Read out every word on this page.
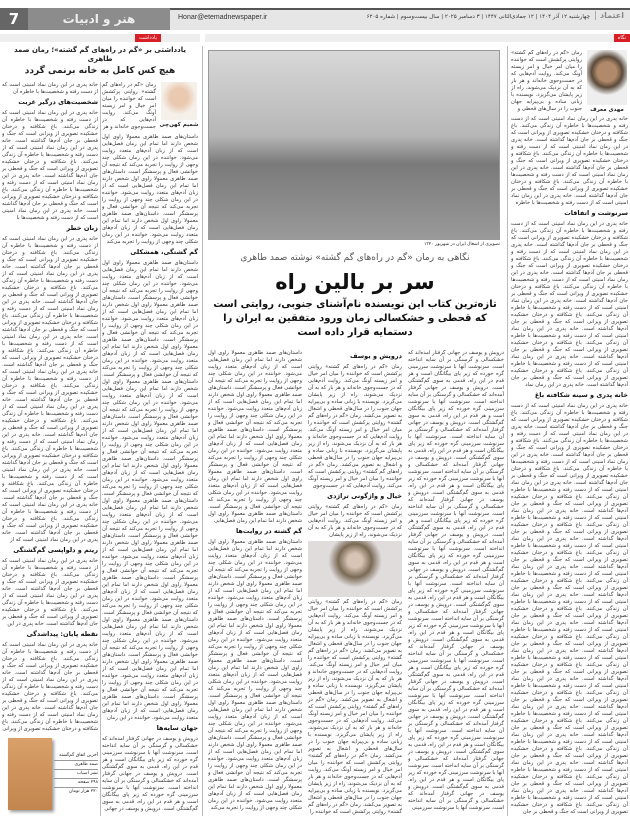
7	هنر و ادبیات	Honar@etemadnewspaper.ir	چهارشنبه ۱۲ آذر ۱۴۰۴ | ۱۲ جمادی‌الثانی ۱۴۴۷ | ۳ دسامبر ۲۰۲۵ | سال بیست‌وسوم | شماره ۶۲۰۵	اعتماد
یادداشت	نگاه
یادداشتی بر «گم در راه‌های گم گشته»؛ رمان صمد طاهری
هیچ کس کامل به خانه برنمی گردد
شمیم کهن‌چی
رمان «گم در راه‌های گم گشته» روایتی پرکشش است که خواننده را میان امر خیال و امر زیسته آونگ می‌کند. روایت آدم‌هایی که در جست‌وجوی خانه‌اند و هر
داستان‌های صمد طاهری معمولا راوی اول شخص دارند اما تمام این رمان فصل‌هایی است که از زبان آدم‌های متعدد روایت می‌شود. خواننده در این رمان شکلی چند وجهی از روایت را تجربه می‌کند که نتیجه آن خوانشی فعال و پرسشگر است. داستان‌های صمد طاهری معمولا راوی اول شخص دارند اما تمام این رمان فصل‌هایی است که از زبان آدم‌های متعدد روایت می‌شود. خواننده در این رمان شکلی چند وجهی از روایت را تجربه می‌کند که نتیجه آن خوانشی فعال و پرسشگر است. داستان‌های صمد طاهری معمولا راوی اول شخص دارند اما تمام این رمان فصل‌هایی است که از زبان آدم‌های متعدد روایت می‌شود. خواننده در این رمان شکلی چند وجهی از روایت را تجربه می‌کند
گم گشتگی، همشکلی
داستان‌های صمد طاهری معمولا راوی اول شخص دارند اما تمام این رمان فصل‌هایی است که از زبان آدم‌های متعدد روایت می‌شود. خواننده در این رمان شکلی چند وجهی از روایت را تجربه می‌کند که نتیجه آن خوانشی فعال و پرسشگر است. داستان‌های صمد طاهری معمولا راوی اول شخص دارند اما تمام این رمان فصل‌هایی است که از زبان آدم‌های متعدد روایت می‌شود. خواننده در این رمان شکلی چند وجهی از روایت را تجربه می‌کند که نتیجه آن خوانشی فعال و پرسشگر است. داستان‌های صمد طاهری معمولا راوی اول شخص دارند اما تمام این رمان فصل‌هایی است که از زبان آدم‌های متعدد روایت می‌شود. خواننده در این رمان شکلی چند وجهی از روایت را تجربه می‌کند که نتیجه آن خوانشی فعال و پرسشگر است. داستان‌های صمد طاهری معمولا راوی اول شخص دارند اما تمام این رمان فصل‌هایی است که از زبان آدم‌های متعدد روایت می‌شود. خواننده در این رمان شکلی چند وجهی از روایت را تجربه می‌کند که نتیجه آن خوانشی فعال و پرسشگر است. داستان‌های صمد طاهری معمولا راوی اول شخص دارند اما تمام این رمان فصل‌هایی است که از زبان آدم‌های متعدد روایت می‌شود. خواننده در این رمان شکلی چند وجهی از روایت را تجربه می‌کند که نتیجه آن خوانشی فعال و پرسشگر است. داستان‌های صمد طاهری معمولا راوی اول شخص دارند اما تمام این رمان فصل‌هایی است که از زبان آدم‌های متعدد روایت می‌شود. خواننده در این رمان شکلی چند وجهی از روایت را تجربه می‌کند که نتیجه آن خوانشی فعال و پرسشگر است. داستان‌های صمد طاهری معمولا راوی اول شخص دارند اما تمام این رمان فصل‌هایی است که از زبان آدم‌های متعدد روایت می‌شود. خواننده در این رمان شکلی چند وجهی از روایت را تجربه می‌کند که نتیجه آن خوانشی فعال و پرسشگر است. داستان‌های صمد طاهری معمولا راوی اول شخص دارند اما تمام این رمان فصل‌هایی است که از زبان آدم‌های متعدد روایت می‌شود. خواننده در این رمان شکلی چند وجهی از روایت را تجربه می‌کند که نتیجه آن خوانشی فعال و پرسشگر است. داستان‌های صمد طاهری معمولا راوی اول شخص دارند اما تمام این رمان فصل‌هایی است که از زبان آدم‌های متعدد روایت می‌شود. خواننده در این رمان شکلی چند وجهی از روایت را تجربه می‌کند که نتیجه آن خوانشی فعال و پرسشگر است. داستان‌های صمد طاهری معمولا راوی اول شخص دارند اما تمام این رمان فصل‌هایی است که از زبان آدم‌های متعدد روایت می‌شود. خواننده در این رمان شکلی چند وجهی از روایت را تجربه می‌کند که نتیجه آن خوانشی فعال و پرسشگر است. داستان‌های صمد طاهری معمولا راوی اول شخص دارند اما تمام این رمان فصل‌هایی است که از زبان آدم‌های متعدد روایت می‌شود. خواننده در این رمان شکلی چند وجهی از روایت را تجربه می‌کند که نتیجه آن خوانشی فعال و پرسشگر است. داستان‌های صمد طاهری معمولا راوی اول شخص دارند اما تمام این رمان فصل‌هایی است که از زبان آدم‌های متعدد روایت می‌شود. خواننده در این رمان
جهان سایه‌ها
درویش و یوسف در جهانی گرفتار آمده‌اند که خشکسالی و گرسنگی بر آن سایه انداخته است. سرنوشت آنها با سرنوشت سرزمینی گره خورده که زیر پای بیگانگان است و هر قدم در این راه، قدمی به سوی گم‌گشتگی است. درویش و یوسف در جهانی گرفتار آمده‌اند که خشکسالی و گرسنگی بر آن سایه انداخته است. سرنوشت آنها با سرنوشت سرزمینی گره خورده که زیر پای بیگانگان است و هر قدم در این راه، قدمی به سوی گم‌گشتگی است. درویش و یوسف در جهانی
خانه پدری در این رمان نماد امنیتی است که از دست رفته و شخصیت‌ها با خاطره آن
شخصیت‌های درگیر غربت
خانه پدری در این رمان نماد امنیتی است که از دست رفته و شخصیت‌ها با خاطره آن زندگی می‌کنند. باغ شکافته و درختان خشکیده تصویری از ویرانی است که جنگ و قحطی بر جان آدم‌ها گذاشته است. خانه پدری در این رمان نماد امنیتی است که از دست رفته و شخصیت‌ها با خاطره آن زندگی می‌کنند. باغ شکافته و درختان خشکیده تصویری از ویرانی است که جنگ و قحطی بر جان آدم‌ها گذاشته است. خانه پدری در این رمان نماد امنیتی است که از دست رفته و شخصیت‌ها با خاطره آن زندگی می‌کنند. باغ شکافته و درختان خشکیده تصویری از ویرانی است که جنگ و قحطی بر جان آدم‌ها گذاشته است. خانه پدری در این رمان نماد امنیتی است که از دست رفته و شخصیت‌ها با
زبان خطر
خانه پدری در این رمان نماد امنیتی است که از دست رفته و شخصیت‌ها با خاطره آن زندگی می‌کنند. باغ شکافته و درختان خشکیده تصویری از ویرانی است که جنگ و قحطی بر جان آدم‌ها گذاشته است. خانه پدری در این رمان نماد امنیتی است که از دست رفته و شخصیت‌ها با خاطره آن زندگی می‌کنند. باغ شکافته و درختان خشکیده تصویری از ویرانی است که جنگ و قحطی بر جان آدم‌ها گذاشته است. خانه پدری در این رمان نماد امنیتی است که از دست رفته و شخصیت‌ها با خاطره آن زندگی می‌کنند. باغ شکافته و درختان خشکیده تصویری از ویرانی است که جنگ و قحطی بر جان آدم‌ها گذاشته است. خانه پدری در این رمان نماد امنیتی است که از دست رفته و شخصیت‌ها با خاطره آن زندگی می‌کنند. باغ شکافته و درختان خشکیده تصویری از ویرانی است که جنگ و قحطی بر جان آدم‌ها گذاشته است. خانه پدری در این رمان نماد امنیتی است که از دست رفته و شخصیت‌ها با خاطره آن زندگی می‌کنند. باغ شکافته و درختان خشکیده تصویری از ویرانی است که جنگ و قحطی بر جان آدم‌ها گذاشته است. خانه پدری در این رمان نماد امنیتی است که از دست رفته و شخصیت‌ها با خاطره آن زندگی می‌کنند. باغ شکافته و درختان خشکیده تصویری از ویرانی است که جنگ و قحطی بر جان آدم‌ها گذاشته است. خانه پدری در این رمان نماد امنیتی است که از دست رفته و شخصیت‌ها با خاطره آن زندگی می‌کنند. باغ شکافته و درختان خشکیده تصویری از ویرانی است که جنگ و قحطی بر جان آدم‌ها گذاشته است. خانه پدری در این رمان نماد امنیتی است که از دست رفته و شخصیت‌ها با خاطره آن زندگی می‌کنند. باغ شکافته و درختان خشکیده تصویری از ویرانی است که جنگ و قحطی بر جان آدم‌ها گذاشته است. خانه پدری در این رمان نماد امنیتی است که از دست رفته و شخصیت‌ها با خاطره آن زندگی می‌کنند. باغ شکافته و درختان خشکیده تصویری از ویرانی است که جنگ و قحطی بر جان آدم‌ها گذاشته است. خانه پدری در این رمان نماد امنیتی است که از
ریتم و دلواپسی گم‌گشتگی
خانه پدری در این رمان نماد امنیتی است که از دست رفته و شخصیت‌ها با خاطره آن زندگی می‌کنند. باغ شکافته و درختان خشکیده تصویری از ویرانی است که جنگ و قحطی بر جان آدم‌ها گذاشته است. خانه پدری در این رمان نماد امنیتی است که از دست رفته و شخصیت‌ها با خاطره آن زندگی می‌کنند. باغ شکافته و درختان خشکیده تصویری از ویرانی است که جنگ و قحطی بر جان آدم‌ها گذاشته است. خانه پدری در این
نقطه پایان: پیداشدگی
خانه پدری در این رمان نماد امنیتی است که از دست رفته و شخصیت‌ها با خاطره آن زندگی می‌کنند. باغ شکافته و درختان خشکیده تصویری از ویرانی است که جنگ و قحطی بر جان آدم‌ها گذاشته است. خانه پدری در این رمان نماد امنیتی است که از دست رفته و شخصیت‌ها با خاطره آن زندگی می‌کنند. باغ شکافته و درختان خشکیده تصویری از ویرانی است که جنگ و قحطی بر جان آدم‌ها گذاشته است. خانه پدری در این رمان نماد امنیتی است که از دست رفته و شخصیت‌ها با خاطره آن زندگی می‌کنند. باغ شکافته و درختان خشکیده تصویری از ویرانی
آخرین اتفاق گم‌گشته
صمد طاهری
نشر اسباب
۲۹۸ صفحه
۲۲۰ هزار تومان
تصویری از اشغال ایران در شهریور ۱۳۲۰
نگاهی به رمان «گم در راه‌های گم گشته» نوشته صمد طاهری
سر بر بالین راه
تازه‌ترین کتاب این نویسنده نام‌آشنای جنوبی، روایتی است که قحطی و خشکسالی زمان ورود متفقین به ایران را دستمایه قرار داده است
داستان‌های صمد طاهری معمولا راوی اول شخص دارند اما تمام این رمان فصل‌هایی است که از زبان آدم‌های متعدد روایت می‌شود. خواننده در این رمان شکلی چند وجهی از روایت را تجربه می‌کند که نتیجه آن خوانشی فعال و پرسشگر است. داستان‌های صمد طاهری معمولا راوی اول شخص دارند اما تمام این رمان فصل‌هایی است که از زبان آدم‌های متعدد روایت می‌شود. خواننده در این رمان شکلی چند وجهی از روایت را تجربه می‌کند که نتیجه آن خوانشی فعال و پرسشگر است. داستان‌های صمد طاهری معمولا راوی اول شخص دارند اما تمام این رمان فصل‌هایی است که از زبان آدم‌های متعدد روایت می‌شود. خواننده در این رمان شکلی چند وجهی از روایت را تجربه می‌کند که نتیجه آن خوانشی فعال و پرسشگر است. داستان‌های صمد طاهری معمولا راوی اول شخص دارند اما تمام این رمان فصل‌هایی است که از زبان آدم‌های متعدد روایت می‌شود. خواننده در این رمان شکلی چند وجهی از روایت را تجربه می‌کند که نتیجه آن خوانشی فعال و پرسشگر است. داستان‌های صمد طاهری معمولا راوی اول شخص دارند اما تمام این رمان فصل‌هایی
گم گشته در روایت‌ها
داستان‌های صمد طاهری معمولا راوی اول شخص دارند اما تمام این رمان فصل‌هایی است که از زبان آدم‌های متعدد روایت می‌شود. خواننده در این رمان شکلی چند وجهی از روایت را تجربه می‌کند که نتیجه آن خوانشی فعال و پرسشگر است. داستان‌های صمد طاهری معمولا راوی اول شخص دارند اما تمام این رمان فصل‌هایی است که از زبان آدم‌های متعدد روایت می‌شود. خواننده در این رمان شکلی چند وجهی از روایت را تجربه می‌کند که نتیجه آن خوانشی فعال و پرسشگر است. داستان‌های صمد طاهری معمولا راوی اول شخص دارند اما تمام این رمان فصل‌هایی است که از زبان آدم‌های متعدد روایت می‌شود. خواننده در این رمان شکلی چند وجهی از روایت را تجربه می‌کند که نتیجه آن خوانشی فعال و پرسشگر است. داستان‌های صمد طاهری معمولا راوی اول شخص دارند اما تمام این رمان فصل‌هایی است که از زبان آدم‌های متعدد روایت می‌شود. خواننده در این رمان شکلی چند وجهی از روایت را تجربه می‌کند که نتیجه آن خوانشی فعال و پرسشگر است. داستان‌های صمد طاهری معمولا راوی اول شخص دارند اما تمام این رمان فصل‌هایی است که از زبان آدم‌های متعدد روایت می‌شود. خواننده در این رمان شکلی چند وجهی از روایت را تجربه می‌کند که نتیجه آن خوانشی فعال و پرسشگر است. داستان‌های صمد طاهری معمولا راوی اول شخص دارند اما تمام این رمان فصل‌هایی است که از زبان آدم‌های متعدد روایت می‌شود. خواننده در این رمان شکلی چند وجهی از روایت را تجربه می‌کند که نتیجه آن خوانشی فعال و پرسشگر است. داستان‌های صمد طاهری معمولا راوی اول شخص دارند اما تمام این رمان فصل‌هایی است که از زبان آدم‌های متعدد روایت می‌شود. خواننده در این رمان شکلی چند وجهی از روایت را تجربه می‌کند
درویش و یوسف
رمان «گم در راه‌های گم گشته» روایتی پرکشش است که خواننده را میان امر خیال و امر زیسته آونگ می‌کند. روایت آدم‌هایی که در جست‌وجوی خانه‌اند و هر بار که به آن نزدیک می‌شوند، راه از زیر پایشان می‌گریزد. نویسنده با زبانی ساده و بی‌پیرایه جهان جنوب را در سال‌های قحطی و اشغال به تصویر می‌کشد. رمان «گم در راه‌های گم گشته» روایتی پرکشش است که خواننده را میان امر خیال و امر زیسته آونگ می‌کند. روایت آدم‌هایی که در جست‌وجوی خانه‌اند و هر بار که به آن نزدیک می‌شوند، راه از زیر پایشان می‌گریزد. نویسنده با زبانی ساده و بی‌پیرایه جهان جنوب را در سال‌های قحطی و اشغال به تصویر می‌کشد. رمان «گم در راه‌های گم گشته» روایتی پرکشش است که خواننده را میان امر خیال و امر زیسته آونگ می‌کند. روایت آدم‌هایی که در جست‌وجوی
خیال و واژگونی تراژدی
رمان «گم در راه‌های گم گشته» روایتی پرکشش است که خواننده را میان امر خیال و امر زیسته آونگ می‌کند. روایت آدم‌هایی که در جست‌وجوی خانه‌اند و هر بار که به آن نزدیک می‌شوند، راه از زیر پایشان
رمان «گم در راه‌های گم گشته» روایتی پرکشش است که خواننده را میان امر خیال و امر زیسته آونگ می‌کند. روایت آدم‌هایی که در جست‌وجوی خانه‌اند و هر بار که به آن نزدیک می‌شوند، راه از زیر پایشان می‌گریزد. نویسنده با زبانی ساده و بی‌پیرایه جهان جنوب را در سال‌های قحطی و اشغال به تصویر می‌کشد. رمان «گم در راه‌های گم گشته» روایتی پرکشش است که خواننده را میان امر خیال و امر زیسته آونگ می‌کند. روایت آدم‌هایی که در جست‌وجوی خانه‌اند و هر بار که به آن نزدیک می‌شوند، راه از زیر پایشان می‌گریزد. نویسنده با زبانی ساده و بی‌پیرایه جهان جنوب را در سال‌های قحطی و اشغال به تصویر می‌کشد. رمان «گم در راه‌های گم گشته» روایتی پرکشش است که خواننده را میان امر خیال و امر زیسته آونگ می‌کند. روایت آدم‌هایی که در جست‌وجوی خانه‌اند و هر بار که به آن نزدیک می‌شوند، راه از زیر پایشان می‌گریزد. نویسنده با زبانی ساده و بی‌پیرایه جهان جنوب را در سال‌های قحطی و اشغال به تصویر می‌کشد. رمان «گم در راه‌های گم گشته» روایتی پرکشش است که خواننده را میان امر خیال و امر زیسته آونگ می‌کند. روایت آدم‌هایی که در جست‌وجوی خانه‌اند و هر بار که به آن نزدیک می‌شوند، راه از زیر پایشان می‌گریزد. نویسنده با زبانی ساده و بی‌پیرایه جهان جنوب را در سال‌های قحطی و اشغال به تصویر می‌کشد. رمان «گم در راه‌های گم گشته» روایتی پرکشش است که خواننده را
درویش و یوسف در جهانی گرفتار آمده‌اند که خشکسالی و گرسنگی بر آن سایه انداخته است. سرنوشت آنها با سرنوشت سرزمینی گره خورده که زیر پای بیگانگان است و هر قدم در این راه، قدمی به سوی گم‌گشتگی است. درویش و یوسف در جهانی گرفتار آمده‌اند که خشکسالی و گرسنگی بر آن سایه انداخته است. سرنوشت آنها با سرنوشت سرزمینی گره خورده که زیر پای بیگانگان است و هر قدم در این راه، قدمی به سوی گم‌گشتگی است. درویش و یوسف در جهانی گرفتار آمده‌اند که خشکسالی و گرسنگی بر آن سایه انداخته است. سرنوشت آنها با سرنوشت سرزمینی گره خورده که زیر پای بیگانگان است و هر قدم در این راه، قدمی به سوی گم‌گشتگی است. درویش و یوسف در جهانی گرفتار آمده‌اند که خشکسالی و گرسنگی بر آن سایه انداخته است. سرنوشت آنها با سرنوشت سرزمینی گره خورده که زیر پای بیگانگان است و هر قدم در این راه، قدمی به سوی گم‌گشتگی است. درویش و یوسف در جهانی گرفتار آمده‌اند که خشکسالی و گرسنگی بر آن سایه انداخته است. سرنوشت آنها با سرنوشت سرزمینی گره خورده که زیر پای بیگانگان است و هر قدم در این راه، قدمی به سوی گم‌گشتگی است. درویش و یوسف در جهانی گرفتار آمده‌اند که خشکسالی و گرسنگی بر آن سایه انداخته است. سرنوشت آنها با سرنوشت سرزمینی گره خورده که زیر پای بیگانگان است و هر قدم در این راه، قدمی به سوی گم‌گشتگی است. درویش و یوسف در جهانی گرفتار آمده‌اند که خشکسالی و گرسنگی بر آن سایه انداخته است. سرنوشت آنها با سرنوشت سرزمینی گره خورده که زیر پای بیگانگان است و هر قدم در این راه، قدمی به سوی گم‌گشتگی است. درویش و یوسف در جهانی گرفتار آمده‌اند که خشکسالی و گرسنگی بر آن سایه انداخته است. سرنوشت آنها با سرنوشت سرزمینی گره خورده که زیر پای بیگانگان است و هر قدم در این راه، قدمی به سوی گم‌گشتگی است. درویش و یوسف در جهانی گرفتار آمده‌اند که خشکسالی و گرسنگی بر آن سایه انداخته است. سرنوشت آنها با سرنوشت سرزمینی گره خورده که زیر پای بیگانگان است و هر قدم در این راه، قدمی به سوی گم‌گشتگی است. درویش و یوسف در جهانی گرفتار آمده‌اند که خشکسالی و گرسنگی بر آن سایه انداخته است. سرنوشت آنها با سرنوشت سرزمینی گره خورده که زیر پای بیگانگان است و هر قدم در این راه، قدمی به سوی گم‌گشتگی است. درویش و یوسف در جهانی گرفتار آمده‌اند که خشکسالی و گرسنگی بر آن سایه انداخته است. سرنوشت آنها با سرنوشت سرزمینی گره خورده که زیر پای بیگانگان است و هر قدم در این راه، قدمی به سوی گم‌گشتگی است. درویش و یوسف در جهانی گرفتار آمده‌اند که خشکسالی و گرسنگی بر آن سایه انداخته است. سرنوشت آنها با سرنوشت سرزمینی گره خورده که زیر پای بیگانگان است و هر قدم در این راه، قدمی به سوی گم‌گشتگی است. درویش و یوسف در جهانی گرفتار آمده‌اند که خشکسالی و گرسنگی بر آن سایه انداخته است. سرنوشت آنها با سرنوشت سرزمینی
مهدی معرف
رمان «گم در راه‌های گم گشته» روایتی پرکشش است که خواننده را میان امر خیال و امر زیسته آونگ می‌کند. روایت آدم‌هایی که در جست‌وجوی خانه‌اند و هر بار که به آن نزدیک می‌شوند، راه از زیر پایشان می‌گریزد. نویسنده با زبانی ساده و بی‌پیرایه جهان جنوب را در سال‌های قحطی و
خانه پدری در این رمان نماد امنیتی است که از دست رفته و شخصیت‌ها با خاطره آن زندگی می‌کنند. باغ شکافته و درختان خشکیده تصویری از ویرانی است که جنگ و قحطی بر جان آدم‌ها گذاشته است. خانه پدری در این رمان نماد امنیتی است که از دست رفته و شخصیت‌ها با خاطره آن زندگی می‌کنند. باغ شکافته و درختان خشکیده تصویری از ویرانی است که جنگ و قحطی بر جان آدم‌ها گذاشته است. خانه پدری در این رمان نماد امنیتی است که از دست رفته و شخصیت‌ها با خاطره آن زندگی می‌کنند. باغ شکافته و درختان خشکیده تصویری از ویرانی است که جنگ و قحطی بر جان آدم‌ها گذاشته است. خانه پدری در این رمان نماد امنیتی است که از دست رفته و شخصیت‌ها با خاطره
سرنوشت و اتفاقات
خانه پدری در این رمان نماد امنیتی است که از دست رفته و شخصیت‌ها با خاطره آن زندگی می‌کنند. باغ شکافته و درختان خشکیده تصویری از ویرانی است که جنگ و قحطی بر جان آدم‌ها گذاشته است. خانه پدری در این رمان نماد امنیتی است که از دست رفته و شخصیت‌ها با خاطره آن زندگی می‌کنند. باغ شکافته و درختان خشکیده تصویری از ویرانی است که جنگ و قحطی بر جان آدم‌ها گذاشته است. خانه پدری در این رمان نماد امنیتی است که از دست رفته و شخصیت‌ها با خاطره آن زندگی می‌کنند. باغ شکافته و درختان خشکیده تصویری از ویرانی است که جنگ و قحطی بر جان آدم‌ها گذاشته است. خانه پدری در این رمان نماد امنیتی است که از دست رفته و شخصیت‌ها با خاطره آن زندگی می‌کنند. باغ شکافته و درختان خشکیده تصویری از ویرانی است که جنگ و قحطی بر جان آدم‌ها گذاشته است. خانه پدری در این رمان نماد امنیتی است که از دست رفته و شخصیت‌ها با خاطره آن زندگی می‌کنند. باغ شکافته و درختان خشکیده تصویری از ویرانی است که جنگ و قحطی بر جان آدم‌ها گذاشته است. خانه پدری در این رمان نماد امنیتی است که از دست رفته و شخصیت‌ها با خاطره آن زندگی می‌کنند. باغ شکافته و درختان خشکیده تصویری از ویرانی است که جنگ و قحطی بر جان آدم‌ها گذاشته است. خانه پدری در این رمان نماد
خانه پدری و سینه شکافته باغ
خانه پدری در این رمان نماد امنیتی است که از دست رفته و شخصیت‌ها با خاطره آن زندگی می‌کنند. باغ شکافته و درختان خشکیده تصویری از ویرانی است که جنگ و قحطی بر جان آدم‌ها گذاشته است. خانه پدری در این رمان نماد امنیتی است که از دست رفته و شخصیت‌ها با خاطره آن زندگی می‌کنند. باغ شکافته و درختان خشکیده تصویری از ویرانی است که جنگ و قحطی بر جان آدم‌ها گذاشته است. خانه پدری در این رمان نماد امنیتی است که از دست رفته و شخصیت‌ها با خاطره آن زندگی می‌کنند. باغ شکافته و درختان خشکیده تصویری از ویرانی است که جنگ و قحطی بر جان آدم‌ها گذاشته است. خانه پدری در این رمان نماد امنیتی است که از دست رفته و شخصیت‌ها با خاطره آن زندگی می‌کنند. باغ شکافته و درختان خشکیده تصویری از ویرانی است که جنگ و قحطی بر جان آدم‌ها گذاشته است. خانه پدری در این رمان نماد امنیتی است که از دست رفته و شخصیت‌ها با خاطره آن زندگی می‌کنند. باغ شکافته و درختان خشکیده تصویری از ویرانی است که جنگ و قحطی بر جان آدم‌ها گذاشته است. خانه پدری در این رمان نماد امنیتی است که از دست رفته و شخصیت‌ها با خاطره آن زندگی می‌کنند. باغ شکافته و درختان خشکیده تصویری از ویرانی است که جنگ و قحطی بر جان آدم‌ها گذاشته است. خانه پدری در این رمان نماد امنیتی است که از دست رفته و شخصیت‌ها با خاطره آن زندگی می‌کنند. باغ شکافته و درختان خشکیده تصویری از ویرانی است که جنگ و قحطی بر جان آدم‌ها گذاشته است. خانه پدری در این رمان نماد امنیتی است که از دست رفته و شخصیت‌ها با خاطره آن زندگی می‌کنند. باغ شکافته و درختان خشکیده تصویری از ویرانی است که جنگ و قحطی بر جان آدم‌ها گذاشته است. خانه پدری در این رمان نماد امنیتی است که از دست رفته و شخصیت‌ها با خاطره آن زندگی می‌کنند. باغ شکافته و درختان خشکیده تصویری از ویرانی است که جنگ و قحطی بر جان آدم‌ها گذاشته است. خانه پدری در این رمان نماد امنیتی است که از دست رفته و شخصیت‌ها با خاطره آن زندگی می‌کنند. باغ شکافته و درختان خشکیده تصویری از ویرانی است که جنگ و قحطی بر جان آدم‌ها گذاشته است. خانه پدری در این رمان نماد امنیتی است که از دست رفته و شخصیت‌ها با خاطره آن زندگی می‌کنند. باغ شکافته و درختان خشکیده تصویری از ویرانی است که جنگ و قحطی بر جان آدم‌ها گذاشته است. خانه پدری در این رمان نماد امنیتی است که از دست رفته و شخصیت‌ها با خاطره آن زندگی می‌کنند. باغ شکافته و درختان خشکیده تصویری از ویرانی است که جنگ و قحطی بر جان آدم‌ها گذاشته است. خانه پدری در این رمان نماد امنیتی است که از دست رفته و شخصیت‌ها با خاطره آن زندگی می‌کنند. باغ شکافته و درختان خشکیده تصویری از ویرانی است که جنگ و قحطی بر جان آدم‌ها گذاشته است. خانه پدری در این رمان نماد امنیتی است که از دست رفته و شخصیت‌ها با خاطره آن زندگی می‌کنند. باغ شکافته و درختان خشکیده تصویری از ویرانی است که جنگ و قحطی بر جان آدم‌ها گذاشته است. خانه پدری در این رمان نماد امنیتی است که از دست رفته و شخصیت‌ها با خاطره آن زندگی می‌کنند. باغ شکافته و درختان خشکیده تصویری از ویرانی است که جنگ و قحطی بر جان
